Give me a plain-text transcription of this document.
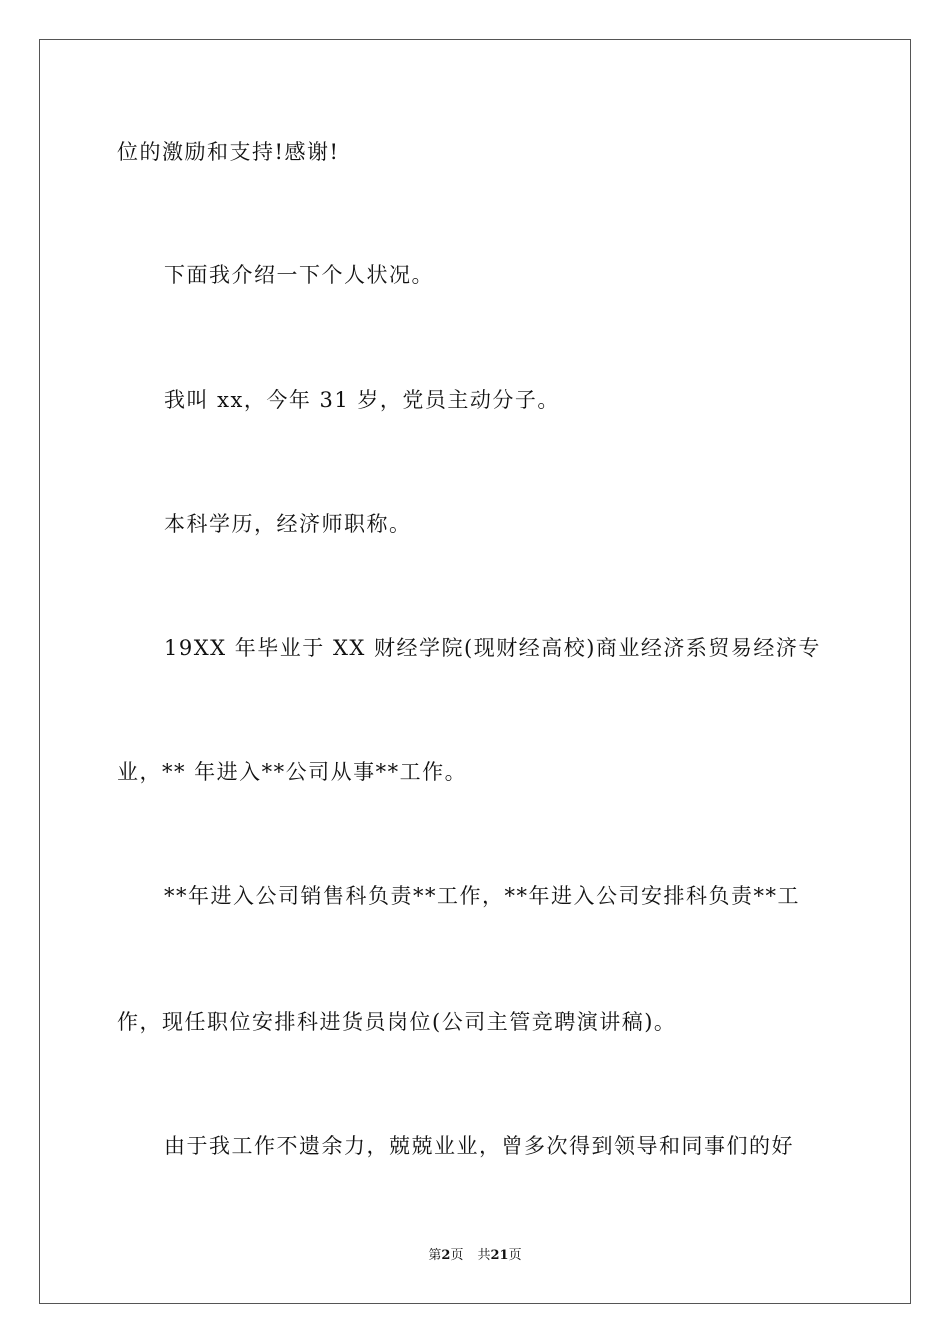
位的激励和支持!感谢!
下面我介绍一下个人状况。
我叫 xx，今年 31 岁，党员主动分子。
本科学历，经济师职称。
19XX 年毕业于 XX 财经学院(现财经高校)商业经济系贸易经济专
业，** 年进入**公司从事**工作。
**年进入公司销售科负责**工作，**年进入公司安排科负责**工
作，现任职位安排科进货员岗位(公司主管竞聘演讲稿)。
由于我工作不遗余力，兢兢业业，曾多次得到领导和同事们的好
第2页 共21页
